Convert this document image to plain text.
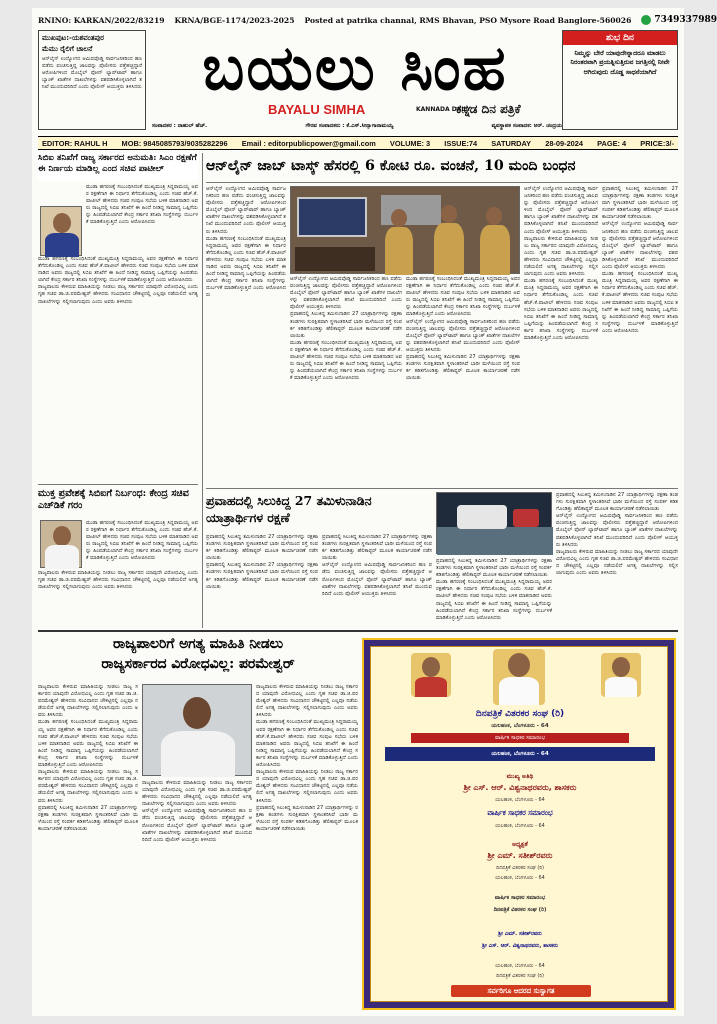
RNINO: KARKAN/2022/83219 KRNA/BGE-1174/2023-2025 Posted at patrika channal, RMS Bhavan, PSO Mysore Road Banglore-560026	7349337989
ಮುಖಪುಟ:-ಯಶವಂತಪುರ
ಮೆಮು ರೈಲಿಗೆ ಚಾಲನೆ
ಆನ್‌ಲೈನ್ ಉದ್ಯೋಗದ ಆಮಿಷವೊಡ್ಡಿ ಸಾರ್ವಜನಿಕರಿಂದ ಹಣ ಪಡೆದು ವಂಚಿಸುತ್ತಿದ್ದ ಜಾಲವನ್ನು ಪೊಲೀಸರು ಪತ್ತೆಹಚ್ಚಿದ್ದಾರೆ ಆರೋಪಿಗಳಿಂದ ಮೊಬೈಲ್ ಫೋನ್ ಲ್ಯಾಪ್‌ಟಾಪ್ ಹಾಗೂ ಬ್ಯಾಂಕ್ ಖಾತೆಗಳ ದಾಖಲೆಗಳನ್ನು ವಶಪಡಿಸಿಕೊಳ್ಳಲಾಗಿದೆ ತನಿಖೆ ಮುಂದುವರಿದಿದೆ ಎಂದು ಪೊಲೀಸ್ ಆಯುಕ್ತರು ತಿಳಿಸಿದರು ಬಯಲು ಸಿಂಹ
BAYALU SIMHA	KANNADA DAILY
ಕನ್ನಡ ದಿನ ಪತ್ರಿಕೆ
ಸಂಪಾದಕರ : ರಾಹುಲ್ ಹೆಚ್.	ಗೌರವ ಸಂಪಾದಕರು : ಕೆ.ಎಸ್.ಸೀನ್ನಾಗಾರಾಮಯ್ಯ	ವ್ಯವಸ್ಥಾಪಕ ಸಂಪಾದಕ: ಅರ್. ಚಂದ್ರಯ
ಶುಭ ದಿನ
ನಿಮ್ಮನ್ನು ಬೇರೆ ಯಾವುದೇನ್ನಾದರೂ ಮಾಡಲು ನಿರಂತರವಾಗಿ ಪ್ರಯತ್ನಿಸುತ್ತಿರುವ ಜಗತ್ತಿನಲ್ಲಿ ನೀವೇ ಆಗಿರುವುದು ದೊಡ್ಡ ಸಾಧನೆಯಾಗಿದೆ
EDITOR: RAHUL H MOB: 9845085793/9035282296 Email : editorpublicpower@gmail.com VOLUME: 3 ISSUE:74 SATURDAY 28-09-2024 PAGE: 4 PRICE:3/-
ಸಿಬಿಐ ತನಿಖೆಗೆ ರಾಜ್ಯ ಸರ್ಕಾರದ ಅನುಮತಿ: ಸಿಎಂ ರಕ್ಷಣೆಗೆ ಈ ನಿರ್ಣಯ ಮಾಡಿಲ್ಲ ಎಂದ ಸಚಿವ ಪಾಟೀಲ್
ಮುಡಾ ಹಗರಣಕ್ಕೆ ಸಂಬಂಧಿಸಿದಂತೆ ಮುಖ್ಯಮಂತ್ರಿ ಸಿದ್ದರಾಮಯ್ಯ ಅವರ ರಕ್ಷಣೆಗಾಗಿ ಈ ನಿರ್ಧಾರ ತೆಗೆದುಕೊಂಡಿಲ್ಲ ಎಂದು ಸಚಿವ ಹೆಚ್.ಕೆ.ಪಾಟೀಲ್ ಹೇಳಿದರು ಸಚಿವ ಸಂಪುಟ ಸಭೆಯ ಬಳಿಕ ಮಾತನಾಡಿದ ಅವರು ರಾಜ್ಯದಲ್ಲಿ ಸಿಬಿಐ ತನಿಖೆಗೆ ಈ ಹಿಂದೆ ನೀಡಿದ್ದ ಸಾಮಾನ್ಯ ಒಪ್ಪಿಗೆಯನ್ನು ಹಿಂಪಡೆಯಲಾಗಿದೆ ಕೇಂದ್ರ ಸರ್ಕಾರ ತನಿಖಾ ಸಂಸ್ಥೆಗಳನ್ನು ದುರ್ಬಳಕೆ ಮಾಡಿಕೊಳ್ಳುತ್ತಿದೆ ಎಂದು ಆರೋಪಿಸಿದರು
ಮುಡಾ ಹಗರಣಕ್ಕೆ ಸಂಬಂಧಿಸಿದಂತೆ ಮುಖ್ಯಮಂತ್ರಿ ಸಿದ್ದರಾಮಯ್ಯ ಅವರ ರಕ್ಷಣೆಗಾಗಿ ಈ ನಿರ್ಧಾರ ತೆಗೆದುಕೊಂಡಿಲ್ಲ ಎಂದು ಸಚಿವ ಹೆಚ್.ಕೆ.ಪಾಟೀಲ್ ಹೇಳಿದರು ಸಚಿವ ಸಂಪುಟ ಸಭೆಯ ಬಳಿಕ ಮಾತನಾಡಿದ ಅವರು ರಾಜ್ಯದಲ್ಲಿ ಸಿಬಿಐ ತನಿಖೆಗೆ ಈ ಹಿಂದೆ ನೀಡಿದ್ದ ಸಾಮಾನ್ಯ ಒಪ್ಪಿಗೆಯನ್ನು ಹಿಂಪಡೆಯಲಾಗಿದೆ ಕೇಂದ್ರ ಸರ್ಕಾರ ತನಿಖಾ ಸಂಸ್ಥೆಗಳನ್ನು ದುರ್ಬಳಕೆ ಮಾಡಿಕೊಳ್ಳುತ್ತಿದೆ ಎಂದು ಆರೋಪಿಸಿದರು
ರಾಜ್ಯಪಾಲರು ಕೇಳಿರುವ ಮಾಹಿತಿಯನ್ನು ನೀಡಲು ರಾಜ್ಯ ಸರ್ಕಾರದ ಯಾವುದೇ ವಿರೋಧವಿಲ್ಲ ಎಂದು ಗೃಹ ಸಚಿವ ಡಾ.ಜಿ.ಪರಮೇಶ್ವರ್ ಹೇಳಿದರು ಸಂವಿಧಾನದ ಚೌಕಟ್ಟಿನಲ್ಲಿ ಎಲ್ಲವೂ ನಡೆಯಲಿದೆ ಅಗತ್ಯ ದಾಖಲೆಗಳನ್ನು ಸಲ್ಲಿಸಲಾಗುವುದು ಎಂದು ಅವರು ತಿಳಿಸಿದರು
ಮುಕ್ತ ಪ್ರವೇಶಕ್ಕೆ ಸಿಬಿಐಗೆ ನಿರ್ಬಂಧ: ಕೇಂದ್ರ ಸಚಿವ ಎಚ್‌ಡಿಕೆ ಗರಂ
ಮುಡಾ ಹಗರಣಕ್ಕೆ ಸಂಬಂಧಿಸಿದಂತೆ ಮುಖ್ಯಮಂತ್ರಿ ಸಿದ್ದರಾಮಯ್ಯ ಅವರ ರಕ್ಷಣೆಗಾಗಿ ಈ ನಿರ್ಧಾರ ತೆಗೆದುಕೊಂಡಿಲ್ಲ ಎಂದು ಸಚಿವ ಹೆಚ್.ಕೆ.ಪಾಟೀಲ್ ಹೇಳಿದರು ಸಚಿವ ಸಂಪುಟ ಸಭೆಯ ಬಳಿಕ ಮಾತನಾಡಿದ ಅವರು ರಾಜ್ಯದಲ್ಲಿ ಸಿಬಿಐ ತನಿಖೆಗೆ ಈ ಹಿಂದೆ ನೀಡಿದ್ದ ಸಾಮಾನ್ಯ ಒಪ್ಪಿಗೆಯನ್ನು ಹಿಂಪಡೆಯಲಾಗಿದೆ ಕೇಂದ್ರ ಸರ್ಕಾರ ತನಿಖಾ ಸಂಸ್ಥೆಗಳನ್ನು ದುರ್ಬಳಕೆ ಮಾಡಿಕೊಳ್ಳುತ್ತಿದೆ ಎಂದು ಆರೋಪಿಸಿದರು
ರಾಜ್ಯಪಾಲರು ಕೇಳಿರುವ ಮಾಹಿತಿಯನ್ನು ನೀಡಲು ರಾಜ್ಯ ಸರ್ಕಾರದ ಯಾವುದೇ ವಿರೋಧವಿಲ್ಲ ಎಂದು ಗೃಹ ಸಚಿವ ಡಾ.ಜಿ.ಪರಮೇಶ್ವರ್ ಹೇಳಿದರು ಸಂವಿಧಾನದ ಚೌಕಟ್ಟಿನಲ್ಲಿ ಎಲ್ಲವೂ ನಡೆಯಲಿದೆ ಅಗತ್ಯ ದಾಖಲೆಗಳನ್ನು ಸಲ್ಲಿಸಲಾಗುವುದು ಎಂದು ಅವರು ತಿಳಿಸಿದರು
ಆನ್‌ಲೈನ್ ಜಾಬ್ ಟಾಸ್ಕ್ ಹೆಸರಲ್ಲಿ 6 ಕೋಟಿ ರೂ. ವಂಚನೆ, 10 ಮಂದಿ ಬಂಧನ
ಆನ್‌ಲೈನ್ ಉದ್ಯೋಗದ ಆಮಿಷವೊಡ್ಡಿ ಸಾರ್ವಜನಿಕರಿಂದ ಹಣ ಪಡೆದು ವಂಚಿಸುತ್ತಿದ್ದ ಜಾಲವನ್ನು ಪೊಲೀಸರು ಪತ್ತೆಹಚ್ಚಿದ್ದಾರೆ ಆರೋಪಿಗಳಿಂದ ಮೊಬೈಲ್ ಫೋನ್ ಲ್ಯಾಪ್‌ಟಾಪ್ ಹಾಗೂ ಬ್ಯಾಂಕ್ ಖಾತೆಗಳ ದಾಖಲೆಗಳನ್ನು ವಶಪಡಿಸಿಕೊಳ್ಳಲಾಗಿದೆ ತನಿಖೆ ಮುಂದುವರಿದಿದೆ ಎಂದು ಪೊಲೀಸ್ ಆಯುಕ್ತರು ತಿಳಿಸಿದರು
ಮುಡಾ ಹಗರಣಕ್ಕೆ ಸಂಬಂಧಿಸಿದಂತೆ ಮುಖ್ಯಮಂತ್ರಿ ಸಿದ್ದರಾಮಯ್ಯ ಅವರ ರಕ್ಷಣೆಗಾಗಿ ಈ ನಿರ್ಧಾರ ತೆಗೆದುಕೊಂಡಿಲ್ಲ ಎಂದು ಸಚಿವ ಹೆಚ್.ಕೆ.ಪಾಟೀಲ್ ಹೇಳಿದರು ಸಚಿವ ಸಂಪುಟ ಸಭೆಯ ಬಳಿಕ ಮಾತನಾಡಿದ ಅವರು ರಾಜ್ಯದಲ್ಲಿ ಸಿಬಿಐ ತನಿಖೆಗೆ ಈ ಹಿಂದೆ ನೀಡಿದ್ದ ಸಾಮಾನ್ಯ ಒಪ್ಪಿಗೆಯನ್ನು ಹಿಂಪಡೆಯಲಾಗಿದೆ ಕೇಂದ್ರ ಸರ್ಕಾರ ತನಿಖಾ ಸಂಸ್ಥೆಗಳನ್ನು ದುರ್ಬಳಕೆ ಮಾಡಿಕೊಳ್ಳುತ್ತಿದೆ ಎಂದು ಆರೋಪಿಸಿದರು
ಆನ್‌ಲೈನ್ ಉದ್ಯೋಗದ ಆಮಿಷವೊಡ್ಡಿ ಸಾರ್ವಜನಿಕರಿಂದ ಹಣ ಪಡೆದು ವಂಚಿಸುತ್ತಿದ್ದ ಜಾಲವನ್ನು ಪೊಲೀಸರು ಪತ್ತೆಹಚ್ಚಿದ್ದಾರೆ ಆರೋಪಿಗಳಿಂದ ಮೊಬೈಲ್ ಫೋನ್ ಲ್ಯಾಪ್‌ಟಾಪ್ ಹಾಗೂ ಬ್ಯಾಂಕ್ ಖಾತೆಗಳ ದಾಖಲೆಗಳನ್ನು ವಶಪಡಿಸಿಕೊಳ್ಳಲಾಗಿದೆ ತನಿಖೆ ಮುಂದುವರಿದಿದೆ ಎಂದು ಪೊಲೀಸ್ ಆಯುಕ್ತರು ತಿಳಿಸಿದರು
ಪ್ರವಾಹದಲ್ಲಿ ಸಿಲುಕಿದ್ದ ತಮಿಳುನಾಡಿನ 27 ಯಾತ್ರಾರ್ಥಿಗಳನ್ನು ರಕ್ಷಣಾ ತಂಡಗಳು ಸುರಕ್ಷಿತವಾಗಿ ಸ್ಥಳಾಂತರಿಸಿವೆ ಭಾರೀ ಮಳೆಯಿಂದ ರಸ್ತೆ ಸಂಪರ್ಕ ಕಡಿತಗೊಂಡಿತ್ತು ಹೆಲಿಕಾಪ್ಟರ್ ಮೂಲಕ ಕಾರ್ಯಾಚರಣೆ ನಡೆಸಲಾಯಿತು
ಮುಡಾ ಹಗರಣಕ್ಕೆ ಸಂಬಂಧಿಸಿದಂತೆ ಮುಖ್ಯಮಂತ್ರಿ ಸಿದ್ದರಾಮಯ್ಯ ಅವರ ರಕ್ಷಣೆಗಾಗಿ ಈ ನಿರ್ಧಾರ ತೆಗೆದುಕೊಂಡಿಲ್ಲ ಎಂದು ಸಚಿವ ಹೆಚ್.ಕೆ.ಪಾಟೀಲ್ ಹೇಳಿದರು ಸಚಿವ ಸಂಪುಟ ಸಭೆಯ ಬಳಿಕ ಮಾತನಾಡಿದ ಅವರು ರಾಜ್ಯದಲ್ಲಿ ಸಿಬಿಐ ತನಿಖೆಗೆ ಈ ಹಿಂದೆ ನೀಡಿದ್ದ ಸಾಮಾನ್ಯ ಒಪ್ಪಿಗೆಯನ್ನು ಹಿಂಪಡೆಯಲಾಗಿದೆ ಕೇಂದ್ರ ಸರ್ಕಾರ ತನಿಖಾ ಸಂಸ್ಥೆಗಳನ್ನು ದುರ್ಬಳಕೆ ಮಾಡಿಕೊಳ್ಳುತ್ತಿದೆ ಎಂದು ಆರೋಪಿಸಿದರು
ಮುಡಾ ಹಗರಣಕ್ಕೆ ಸಂಬಂಧಿಸಿದಂತೆ ಮುಖ್ಯಮಂತ್ರಿ ಸಿದ್ದರಾಮಯ್ಯ ಅವರ ರಕ್ಷಣೆಗಾಗಿ ಈ ನಿರ್ಧಾರ ತೆಗೆದುಕೊಂಡಿಲ್ಲ ಎಂದು ಸಚಿವ ಹೆಚ್.ಕೆ.ಪಾಟೀಲ್ ಹೇಳಿದರು ಸಚಿವ ಸಂಪುಟ ಸಭೆಯ ಬಳಿಕ ಮಾತನಾಡಿದ ಅವರು ರಾಜ್ಯದಲ್ಲಿ ಸಿಬಿಐ ತನಿಖೆಗೆ ಈ ಹಿಂದೆ ನೀಡಿದ್ದ ಸಾಮಾನ್ಯ ಒಪ್ಪಿಗೆಯನ್ನು ಹಿಂಪಡೆಯಲಾಗಿದೆ ಕೇಂದ್ರ ಸರ್ಕಾರ ತನಿಖಾ ಸಂಸ್ಥೆಗಳನ್ನು ದುರ್ಬಳಕೆ ಮಾಡಿಕೊಳ್ಳುತ್ತಿದೆ ಎಂದು ಆರೋಪಿಸಿದರು
ಆನ್‌ಲೈನ್ ಉದ್ಯೋಗದ ಆಮಿಷವೊಡ್ಡಿ ಸಾರ್ವಜನಿಕರಿಂದ ಹಣ ಪಡೆದು ವಂಚಿಸುತ್ತಿದ್ದ ಜಾಲವನ್ನು ಪೊಲೀಸರು ಪತ್ತೆಹಚ್ಚಿದ್ದಾರೆ ಆರೋಪಿಗಳಿಂದ ಮೊಬೈಲ್ ಫೋನ್ ಲ್ಯಾಪ್‌ಟಾಪ್ ಹಾಗೂ ಬ್ಯಾಂಕ್ ಖಾತೆಗಳ ದಾಖಲೆಗಳನ್ನು ವಶಪಡಿಸಿಕೊಳ್ಳಲಾಗಿದೆ ತನಿಖೆ ಮುಂದುವರಿದಿದೆ ಎಂದು ಪೊಲೀಸ್ ಆಯುಕ್ತರು ತಿಳಿಸಿದರು
ಪ್ರವಾಹದಲ್ಲಿ ಸಿಲುಕಿದ್ದ ತಮಿಳುನಾಡಿನ 27 ಯಾತ್ರಾರ್ಥಿಗಳನ್ನು ರಕ್ಷಣಾ ತಂಡಗಳು ಸುರಕ್ಷಿತವಾಗಿ ಸ್ಥಳಾಂತರಿಸಿವೆ ಭಾರೀ ಮಳೆಯಿಂದ ರಸ್ತೆ ಸಂಪರ್ಕ ಕಡಿತಗೊಂಡಿತ್ತು ಹೆಲಿಕಾಪ್ಟರ್ ಮೂಲಕ ಕಾರ್ಯಾಚರಣೆ ನಡೆಸಲಾಯಿತು
ಆನ್‌ಲೈನ್ ಉದ್ಯೋಗದ ಆಮಿಷವೊಡ್ಡಿ ಸಾರ್ವಜನಿಕರಿಂದ ಹಣ ಪಡೆದು ವಂಚಿಸುತ್ತಿದ್ದ ಜಾಲವನ್ನು ಪೊಲೀಸರು ಪತ್ತೆಹಚ್ಚಿದ್ದಾರೆ ಆರೋಪಿಗಳಿಂದ ಮೊಬೈಲ್ ಫೋನ್ ಲ್ಯಾಪ್‌ಟಾಪ್ ಹಾಗೂ ಬ್ಯಾಂಕ್ ಖಾತೆಗಳ ದಾಖಲೆಗಳನ್ನು ವಶಪಡಿಸಿಕೊಳ್ಳಲಾಗಿದೆ ತನಿಖೆ ಮುಂದುವರಿದಿದೆ ಎಂದು ಪೊಲೀಸ್ ಆಯುಕ್ತರು ತಿಳಿಸಿದರು
ರಾಜ್ಯಪಾಲರು ಕೇಳಿರುವ ಮಾಹಿತಿಯನ್ನು ನೀಡಲು ರಾಜ್ಯ ಸರ್ಕಾರದ ಯಾವುದೇ ವಿರೋಧವಿಲ್ಲ ಎಂದು ಗೃಹ ಸಚಿವ ಡಾ.ಜಿ.ಪರಮೇಶ್ವರ್ ಹೇಳಿದರು ಸಂವಿಧಾನದ ಚೌಕಟ್ಟಿನಲ್ಲಿ ಎಲ್ಲವೂ ನಡೆಯಲಿದೆ ಅಗತ್ಯ ದಾಖಲೆಗಳನ್ನು ಸಲ್ಲಿಸಲಾಗುವುದು ಎಂದು ಅವರು ತಿಳಿಸಿದರು
ಮುಡಾ ಹಗರಣಕ್ಕೆ ಸಂಬಂಧಿಸಿದಂತೆ ಮುಖ್ಯಮಂತ್ರಿ ಸಿದ್ದರಾಮಯ್ಯ ಅವರ ರಕ್ಷಣೆಗಾಗಿ ಈ ನಿರ್ಧಾರ ತೆಗೆದುಕೊಂಡಿಲ್ಲ ಎಂದು ಸಚಿವ ಹೆಚ್.ಕೆ.ಪಾಟೀಲ್ ಹೇಳಿದರು ಸಚಿವ ಸಂಪುಟ ಸಭೆಯ ಬಳಿಕ ಮಾತನಾಡಿದ ಅವರು ರಾಜ್ಯದಲ್ಲಿ ಸಿಬಿಐ ತನಿಖೆಗೆ ಈ ಹಿಂದೆ ನೀಡಿದ್ದ ಸಾಮಾನ್ಯ ಒಪ್ಪಿಗೆಯನ್ನು ಹಿಂಪಡೆಯಲಾಗಿದೆ ಕೇಂದ್ರ ಸರ್ಕಾರ ತನಿಖಾ ಸಂಸ್ಥೆಗಳನ್ನು ದುರ್ಬಳಕೆ ಮಾಡಿಕೊಳ್ಳುತ್ತಿದೆ ಎಂದು ಆರೋಪಿಸಿದರು
ಪ್ರವಾಹದಲ್ಲಿ ಸಿಲುಕಿದ್ದ ತಮಿಳುನಾಡಿನ 27 ಯಾತ್ರಾರ್ಥಿಗಳನ್ನು ರಕ್ಷಣಾ ತಂಡಗಳು ಸುರಕ್ಷಿತವಾಗಿ ಸ್ಥಳಾಂತರಿಸಿವೆ ಭಾರೀ ಮಳೆಯಿಂದ ರಸ್ತೆ ಸಂಪರ್ಕ ಕಡಿತಗೊಂಡಿತ್ತು ಹೆಲಿಕಾಪ್ಟರ್ ಮೂಲಕ ಕಾರ್ಯಾಚರಣೆ ನಡೆಸಲಾಯಿತು
ಆನ್‌ಲೈನ್ ಉದ್ಯೋಗದ ಆಮಿಷವೊಡ್ಡಿ ಸಾರ್ವಜನಿಕರಿಂದ ಹಣ ಪಡೆದು ವಂಚಿಸುತ್ತಿದ್ದ ಜಾಲವನ್ನು ಪೊಲೀಸರು ಪತ್ತೆಹಚ್ಚಿದ್ದಾರೆ ಆರೋಪಿಗಳಿಂದ ಮೊಬೈಲ್ ಫೋನ್ ಲ್ಯಾಪ್‌ಟಾಪ್ ಹಾಗೂ ಬ್ಯಾಂಕ್ ಖಾತೆಗಳ ದಾಖಲೆಗಳನ್ನು ವಶಪಡಿಸಿಕೊಳ್ಳಲಾಗಿದೆ ತನಿಖೆ ಮುಂದುವರಿದಿದೆ ಎಂದು ಪೊಲೀಸ್ ಆಯುಕ್ತರು ತಿಳಿಸಿದರು
ಮುಡಾ ಹಗರಣಕ್ಕೆ ಸಂಬಂಧಿಸಿದಂತೆ ಮುಖ್ಯಮಂತ್ರಿ ಸಿದ್ದರಾಮಯ್ಯ ಅವರ ರಕ್ಷಣೆಗಾಗಿ ಈ ನಿರ್ಧಾರ ತೆಗೆದುಕೊಂಡಿಲ್ಲ ಎಂದು ಸಚಿವ ಹೆಚ್.ಕೆ.ಪಾಟೀಲ್ ಹೇಳಿದರು ಸಚಿವ ಸಂಪುಟ ಸಭೆಯ ಬಳಿಕ ಮಾತನಾಡಿದ ಅವರು ರಾಜ್ಯದಲ್ಲಿ ಸಿಬಿಐ ತನಿಖೆಗೆ ಈ ಹಿಂದೆ ನೀಡಿದ್ದ ಸಾಮಾನ್ಯ ಒಪ್ಪಿಗೆಯನ್ನು ಹಿಂಪಡೆಯಲಾಗಿದೆ ಕೇಂದ್ರ ಸರ್ಕಾರ ತನಿಖಾ ಸಂಸ್ಥೆಗಳನ್ನು ದುರ್ಬಳಕೆ ಮಾಡಿಕೊಳ್ಳುತ್ತಿದೆ ಎಂದು ಆರೋಪಿಸಿದರು
ಪ್ರವಾಹದಲ್ಲಿ ಸಿಲುಕಿದ್ದ 27 ತಮಿಳುನಾಡಿನ ಯಾತ್ರಾರ್ಥಿಗಳ ರಕ್ಷಣೆ
ಪ್ರವಾಹದಲ್ಲಿ ಸಿಲುಕಿದ್ದ ತಮಿಳುನಾಡಿನ 27 ಯಾತ್ರಾರ್ಥಿಗಳನ್ನು ರಕ್ಷಣಾ ತಂಡಗಳು ಸುರಕ್ಷಿತವಾಗಿ ಸ್ಥಳಾಂತರಿಸಿವೆ ಭಾರೀ ಮಳೆಯಿಂದ ರಸ್ತೆ ಸಂಪರ್ಕ ಕಡಿತಗೊಂಡಿತ್ತು ಹೆಲಿಕಾಪ್ಟರ್ ಮೂಲಕ ಕಾರ್ಯಾಚರಣೆ ನಡೆಸಲಾಯಿತು
ಪ್ರವಾಹದಲ್ಲಿ ಸಿಲುಕಿದ್ದ ತಮಿಳುನಾಡಿನ 27 ಯಾತ್ರಾರ್ಥಿಗಳನ್ನು ರಕ್ಷಣಾ ತಂಡಗಳು ಸುರಕ್ಷಿತವಾಗಿ ಸ್ಥಳಾಂತರಿಸಿವೆ ಭಾರೀ ಮಳೆಯಿಂದ ರಸ್ತೆ ಸಂಪರ್ಕ ಕಡಿತಗೊಂಡಿತ್ತು ಹೆಲಿಕಾಪ್ಟರ್ ಮೂಲಕ ಕಾರ್ಯಾಚರಣೆ ನಡೆಸಲಾಯಿತು
ಪ್ರವಾಹದಲ್ಲಿ ಸಿಲುಕಿದ್ದ ತಮಿಳುನಾಡಿನ 27 ಯಾತ್ರಾರ್ಥಿಗಳನ್ನು ರಕ್ಷಣಾ ತಂಡಗಳು ಸುರಕ್ಷಿತವಾಗಿ ಸ್ಥಳಾಂತರಿಸಿವೆ ಭಾರೀ ಮಳೆಯಿಂದ ರಸ್ತೆ ಸಂಪರ್ಕ ಕಡಿತಗೊಂಡಿತ್ತು ಹೆಲಿಕಾಪ್ಟರ್ ಮೂಲಕ ಕಾರ್ಯಾಚರಣೆ ನಡೆಸಲಾಯಿತು
ಆನ್‌ಲೈನ್ ಉದ್ಯೋಗದ ಆಮಿಷವೊಡ್ಡಿ ಸಾರ್ವಜನಿಕರಿಂದ ಹಣ ಪಡೆದು ವಂಚಿಸುತ್ತಿದ್ದ ಜಾಲವನ್ನು ಪೊಲೀಸರು ಪತ್ತೆಹಚ್ಚಿದ್ದಾರೆ ಆರೋಪಿಗಳಿಂದ ಮೊಬೈಲ್ ಫೋನ್ ಲ್ಯಾಪ್‌ಟಾಪ್ ಹಾಗೂ ಬ್ಯಾಂಕ್ ಖಾತೆಗಳ ದಾಖಲೆಗಳನ್ನು ವಶಪಡಿಸಿಕೊಳ್ಳಲಾಗಿದೆ ತನಿಖೆ ಮುಂದುವರಿದಿದೆ ಎಂದು ಪೊಲೀಸ್ ಆಯುಕ್ತರು ತಿಳಿಸಿದರು
ಪ್ರವಾಹದಲ್ಲಿ ಸಿಲುಕಿದ್ದ ತಮಿಳುನಾಡಿನ 27 ಯಾತ್ರಾರ್ಥಿಗಳನ್ನು ರಕ್ಷಣಾ ತಂಡಗಳು ಸುರಕ್ಷಿತವಾಗಿ ಸ್ಥಳಾಂತರಿಸಿವೆ ಭಾರೀ ಮಳೆಯಿಂದ ರಸ್ತೆ ಸಂಪರ್ಕ ಕಡಿತಗೊಂಡಿತ್ತು ಹೆಲಿಕಾಪ್ಟರ್ ಮೂಲಕ ಕಾರ್ಯಾಚರಣೆ ನಡೆಸಲಾಯಿತು
ಮುಡಾ ಹಗರಣಕ್ಕೆ ಸಂಬಂಧಿಸಿದಂತೆ ಮುಖ್ಯಮಂತ್ರಿ ಸಿದ್ದರಾಮಯ್ಯ ಅವರ ರಕ್ಷಣೆಗಾಗಿ ಈ ನಿರ್ಧಾರ ತೆಗೆದುಕೊಂಡಿಲ್ಲ ಎಂದು ಸಚಿವ ಹೆಚ್.ಕೆ.ಪಾಟೀಲ್ ಹೇಳಿದರು ಸಚಿವ ಸಂಪುಟ ಸಭೆಯ ಬಳಿಕ ಮಾತನಾಡಿದ ಅವರು ರಾಜ್ಯದಲ್ಲಿ ಸಿಬಿಐ ತನಿಖೆಗೆ ಈ ಹಿಂದೆ ನೀಡಿದ್ದ ಸಾಮಾನ್ಯ ಒಪ್ಪಿಗೆಯನ್ನು ಹಿಂಪಡೆಯಲಾಗಿದೆ ಕೇಂದ್ರ ಸರ್ಕಾರ ತನಿಖಾ ಸಂಸ್ಥೆಗಳನ್ನು ದುರ್ಬಳಕೆ ಮಾಡಿಕೊಳ್ಳುತ್ತಿದೆ ಎಂದು ಆರೋಪಿಸಿದರು
ಪ್ರವಾಹದಲ್ಲಿ ಸಿಲುಕಿದ್ದ ತಮಿಳುನಾಡಿನ 27 ಯಾತ್ರಾರ್ಥಿಗಳನ್ನು ರಕ್ಷಣಾ ತಂಡಗಳು ಸುರಕ್ಷಿತವಾಗಿ ಸ್ಥಳಾಂತರಿಸಿವೆ ಭಾರೀ ಮಳೆಯಿಂದ ರಸ್ತೆ ಸಂಪರ್ಕ ಕಡಿತಗೊಂಡಿತ್ತು ಹೆಲಿಕಾಪ್ಟರ್ ಮೂಲಕ ಕಾರ್ಯಾಚರಣೆ ನಡೆಸಲಾಯಿತು
ಆನ್‌ಲೈನ್ ಉದ್ಯೋಗದ ಆಮಿಷವೊಡ್ಡಿ ಸಾರ್ವಜನಿಕರಿಂದ ಹಣ ಪಡೆದು ವಂಚಿಸುತ್ತಿದ್ದ ಜಾಲವನ್ನು ಪೊಲೀಸರು ಪತ್ತೆಹಚ್ಚಿದ್ದಾರೆ ಆರೋಪಿಗಳಿಂದ ಮೊಬೈಲ್ ಫೋನ್ ಲ್ಯಾಪ್‌ಟಾಪ್ ಹಾಗೂ ಬ್ಯಾಂಕ್ ಖಾತೆಗಳ ದಾಖಲೆಗಳನ್ನು ವಶಪಡಿಸಿಕೊಳ್ಳಲಾಗಿದೆ ತನಿಖೆ ಮುಂದುವರಿದಿದೆ ಎಂದು ಪೊಲೀಸ್ ಆಯುಕ್ತರು ತಿಳಿಸಿದರು
ರಾಜ್ಯಪಾಲರು ಕೇಳಿರುವ ಮಾಹಿತಿಯನ್ನು ನೀಡಲು ರಾಜ್ಯ ಸರ್ಕಾರದ ಯಾವುದೇ ವಿರೋಧವಿಲ್ಲ ಎಂದು ಗೃಹ ಸಚಿವ ಡಾ.ಜಿ.ಪರಮೇಶ್ವರ್ ಹೇಳಿದರು ಸಂವಿಧಾನದ ಚೌಕಟ್ಟಿನಲ್ಲಿ ಎಲ್ಲವೂ ನಡೆಯಲಿದೆ ಅಗತ್ಯ ದಾಖಲೆಗಳನ್ನು ಸಲ್ಲಿಸಲಾಗುವುದು ಎಂದು ಅವರು ತಿಳಿಸಿದರು
ರಾಜ್ಯಪಾಲರಿಗೆ ಅಗತ್ಯ ಮಾಹಿತಿ ನೀಡಲು
ರಾಜ್ಯಸರ್ಕಾರದ ವಿರೋಧವಿಲ್ಲ: ಪರಮೇಶ್ವರ್
ರಾಜ್ಯಪಾಲರು ಕೇಳಿರುವ ಮಾಹಿತಿಯನ್ನು ನೀಡಲು ರಾಜ್ಯ ಸರ್ಕಾರದ ಯಾವುದೇ ವಿರೋಧವಿಲ್ಲ ಎಂದು ಗೃಹ ಸಚಿವ ಡಾ.ಜಿ.ಪರಮೇಶ್ವರ್ ಹೇಳಿದರು ಸಂವಿಧಾನದ ಚೌಕಟ್ಟಿನಲ್ಲಿ ಎಲ್ಲವೂ ನಡೆಯಲಿದೆ ಅಗತ್ಯ ದಾಖಲೆಗಳನ್ನು ಸಲ್ಲಿಸಲಾಗುವುದು ಎಂದು ಅವರು ತಿಳಿಸಿದರು
ಮುಡಾ ಹಗರಣಕ್ಕೆ ಸಂಬಂಧಿಸಿದಂತೆ ಮುಖ್ಯಮಂತ್ರಿ ಸಿದ್ದರಾಮಯ್ಯ ಅವರ ರಕ್ಷಣೆಗಾಗಿ ಈ ನಿರ್ಧಾರ ತೆಗೆದುಕೊಂಡಿಲ್ಲ ಎಂದು ಸಚಿವ ಹೆಚ್.ಕೆ.ಪಾಟೀಲ್ ಹೇಳಿದರು ಸಚಿವ ಸಂಪುಟ ಸಭೆಯ ಬಳಿಕ ಮಾತನಾಡಿದ ಅವರು ರಾಜ್ಯದಲ್ಲಿ ಸಿಬಿಐ ತನಿಖೆಗೆ ಈ ಹಿಂದೆ ನೀಡಿದ್ದ ಸಾಮಾನ್ಯ ಒಪ್ಪಿಗೆಯನ್ನು ಹಿಂಪಡೆಯಲಾಗಿದೆ ಕೇಂದ್ರ ಸರ್ಕಾರ ತನಿಖಾ ಸಂಸ್ಥೆಗಳನ್ನು ದುರ್ಬಳಕೆ ಮಾಡಿಕೊಳ್ಳುತ್ತಿದೆ ಎಂದು ಆರೋಪಿಸಿದರು
ರಾಜ್ಯಪಾಲರು ಕೇಳಿರುವ ಮಾಹಿತಿಯನ್ನು ನೀಡಲು ರಾಜ್ಯ ಸರ್ಕಾರದ ಯಾವುದೇ ವಿರೋಧವಿಲ್ಲ ಎಂದು ಗೃಹ ಸಚಿವ ಡಾ.ಜಿ.ಪರಮೇಶ್ವರ್ ಹೇಳಿದರು ಸಂವಿಧಾನದ ಚೌಕಟ್ಟಿನಲ್ಲಿ ಎಲ್ಲವೂ ನಡೆಯಲಿದೆ ಅಗತ್ಯ ದಾಖಲೆಗಳನ್ನು ಸಲ್ಲಿಸಲಾಗುವುದು ಎಂದು ಅವರು ತಿಳಿಸಿದರು
ಪ್ರವಾಹದಲ್ಲಿ ಸಿಲುಕಿದ್ದ ತಮಿಳುನಾಡಿನ 27 ಯಾತ್ರಾರ್ಥಿಗಳನ್ನು ರಕ್ಷಣಾ ತಂಡಗಳು ಸುರಕ್ಷಿತವಾಗಿ ಸ್ಥಳಾಂತರಿಸಿವೆ ಭಾರೀ ಮಳೆಯಿಂದ ರಸ್ತೆ ಸಂಪರ್ಕ ಕಡಿತಗೊಂಡಿತ್ತು ಹೆಲಿಕಾಪ್ಟರ್ ಮೂಲಕ ಕಾರ್ಯಾಚರಣೆ ನಡೆಸಲಾಯಿತು
ರಾಜ್ಯಪಾಲರು ಕೇಳಿರುವ ಮಾಹಿತಿಯನ್ನು ನೀಡಲು ರಾಜ್ಯ ಸರ್ಕಾರದ ಯಾವುದೇ ವಿರೋಧವಿಲ್ಲ ಎಂದು ಗೃಹ ಸಚಿವ ಡಾ.ಜಿ.ಪರಮೇಶ್ವರ್ ಹೇಳಿದರು ಸಂವಿಧಾನದ ಚೌಕಟ್ಟಿನಲ್ಲಿ ಎಲ್ಲವೂ ನಡೆಯಲಿದೆ ಅಗತ್ಯ ದಾಖಲೆಗಳನ್ನು ಸಲ್ಲಿಸಲಾಗುವುದು ಎಂದು ಅವರು ತಿಳಿಸಿದರು
ಆನ್‌ಲೈನ್ ಉದ್ಯೋಗದ ಆಮಿಷವೊಡ್ಡಿ ಸಾರ್ವಜನಿಕರಿಂದ ಹಣ ಪಡೆದು ವಂಚಿಸುತ್ತಿದ್ದ ಜಾಲವನ್ನು ಪೊಲೀಸರು ಪತ್ತೆಹಚ್ಚಿದ್ದಾರೆ ಆರೋಪಿಗಳಿಂದ ಮೊಬೈಲ್ ಫೋನ್ ಲ್ಯಾಪ್‌ಟಾಪ್ ಹಾಗೂ ಬ್ಯಾಂಕ್ ಖಾತೆಗಳ ದಾಖಲೆಗಳನ್ನು ವಶಪಡಿಸಿಕೊಳ್ಳಲಾಗಿದೆ ತನಿಖೆ ಮುಂದುವರಿದಿದೆ ಎಂದು ಪೊಲೀಸ್ ಆಯುಕ್ತರು ತಿಳಿಸಿದರು
ರಾಜ್ಯಪಾಲರು ಕೇಳಿರುವ ಮಾಹಿತಿಯನ್ನು ನೀಡಲು ರಾಜ್ಯ ಸರ್ಕಾರದ ಯಾವುದೇ ವಿರೋಧವಿಲ್ಲ ಎಂದು ಗೃಹ ಸಚಿವ ಡಾ.ಜಿ.ಪರಮೇಶ್ವರ್ ಹೇಳಿದರು ಸಂವಿಧಾನದ ಚೌಕಟ್ಟಿನಲ್ಲಿ ಎಲ್ಲವೂ ನಡೆಯಲಿದೆ ಅಗತ್ಯ ದಾಖಲೆಗಳನ್ನು ಸಲ್ಲಿಸಲಾಗುವುದು ಎಂದು ಅವರು ತಿಳಿಸಿದರು
ಮುಡಾ ಹಗರಣಕ್ಕೆ ಸಂಬಂಧಿಸಿದಂತೆ ಮುಖ್ಯಮಂತ್ರಿ ಸಿದ್ದರಾಮಯ್ಯ ಅವರ ರಕ್ಷಣೆಗಾಗಿ ಈ ನಿರ್ಧಾರ ತೆಗೆದುಕೊಂಡಿಲ್ಲ ಎಂದು ಸಚಿವ ಹೆಚ್.ಕೆ.ಪಾಟೀಲ್ ಹೇಳಿದರು ಸಚಿವ ಸಂಪುಟ ಸಭೆಯ ಬಳಿಕ ಮಾತನಾಡಿದ ಅವರು ರಾಜ್ಯದಲ್ಲಿ ಸಿಬಿಐ ತನಿಖೆಗೆ ಈ ಹಿಂದೆ ನೀಡಿದ್ದ ಸಾಮಾನ್ಯ ಒಪ್ಪಿಗೆಯನ್ನು ಹಿಂಪಡೆಯಲಾಗಿದೆ ಕೇಂದ್ರ ಸರ್ಕಾರ ತನಿಖಾ ಸಂಸ್ಥೆಗಳನ್ನು ದುರ್ಬಳಕೆ ಮಾಡಿಕೊಳ್ಳುತ್ತಿದೆ ಎಂದು ಆರೋಪಿಸಿದರು
ರಾಜ್ಯಪಾಲರು ಕೇಳಿರುವ ಮಾಹಿತಿಯನ್ನು ನೀಡಲು ರಾಜ್ಯ ಸರ್ಕಾರದ ಯಾವುದೇ ವಿರೋಧವಿಲ್ಲ ಎಂದು ಗೃಹ ಸಚಿವ ಡಾ.ಜಿ.ಪರಮೇಶ್ವರ್ ಹೇಳಿದರು ಸಂವಿಧಾನದ ಚೌಕಟ್ಟಿನಲ್ಲಿ ಎಲ್ಲವೂ ನಡೆಯಲಿದೆ ಅಗತ್ಯ ದಾಖಲೆಗಳನ್ನು ಸಲ್ಲಿಸಲಾಗುವುದು ಎಂದು ಅವರು ತಿಳಿಸಿದರು
ಪ್ರವಾಹದಲ್ಲಿ ಸಿಲುಕಿದ್ದ ತಮಿಳುನಾಡಿನ 27 ಯಾತ್ರಾರ್ಥಿಗಳನ್ನು ರಕ್ಷಣಾ ತಂಡಗಳು ಸುರಕ್ಷಿತವಾಗಿ ಸ್ಥಳಾಂತರಿಸಿವೆ ಭಾರೀ ಮಳೆಯಿಂದ ರಸ್ತೆ ಸಂಪರ್ಕ ಕಡಿತಗೊಂಡಿತ್ತು ಹೆಲಿಕಾಪ್ಟರ್ ಮೂಲಕ ಕಾರ್ಯಾಚರಣೆ ನಡೆಸಲಾಯಿತು
ದಿನಪತ್ರಿಕೆ ವಿತರಕರ ಸಂಘ (ರಿ)
ಯಲಹಂಕ, ಬೆಂಗಳೂರು - 64
ವಾರ್ಷಿಕ ಸಾಧಕರ ಸಮಾರಂಭ
ಯಲಹಂಕ, ಬೆಂಗಳೂರು - 64
ಮುಖ್ಯ ಅತಿಥಿ
ಶ್ರೀ ಎಸ್. ಆರ್. ವಿಶ್ವನಾಥರವರು, ಶಾಸಕರು
ಯಲಹಂಕ, ಬೆಂಗಳೂರು - 64
ವಾರ್ಷಿಕ ಸಾಧಕರ ಸಮಾರಂಭ
ಯಲಹಂಕ, ಬೆಂಗಳೂರು - 64
ಅಧ್ಯಕ್ಷತೆ
ಶ್ರೀ ಎಮ್. ಸತೀಶ್‌ರವರು
ದಿನಪತ್ರಿಕೆ ವಿತರಕರ ಸಂಘ (ರಿ)
ಯಲಹಂಕ, ಬೆಂಗಳೂರು - 64
ವಾರ್ಷಿಕ ಸಾಧಕರ ಸಮಾರಂಭ
ದಿನಪತ್ರಿಕೆ ವಿತರಕರ ಸಂಘ (ರಿ)
ಶ್ರೀ ಎಮ್. ಸತೀಶ್‌ರವರು
ಶ್ರೀ ಎಸ್. ಆರ್. ವಿಶ್ವನಾಥರವರು, ಶಾಸಕರು
ಯಲಹಂಕ, ಬೆಂಗಳೂರು - 64
ದಿನಪತ್ರಿಕೆ ವಿತರಕರ ಸಂಘ (ರಿ)
ಸರ್ವರಿಗೂ ಆದರದ ಸುಸ್ವಾಗತ
